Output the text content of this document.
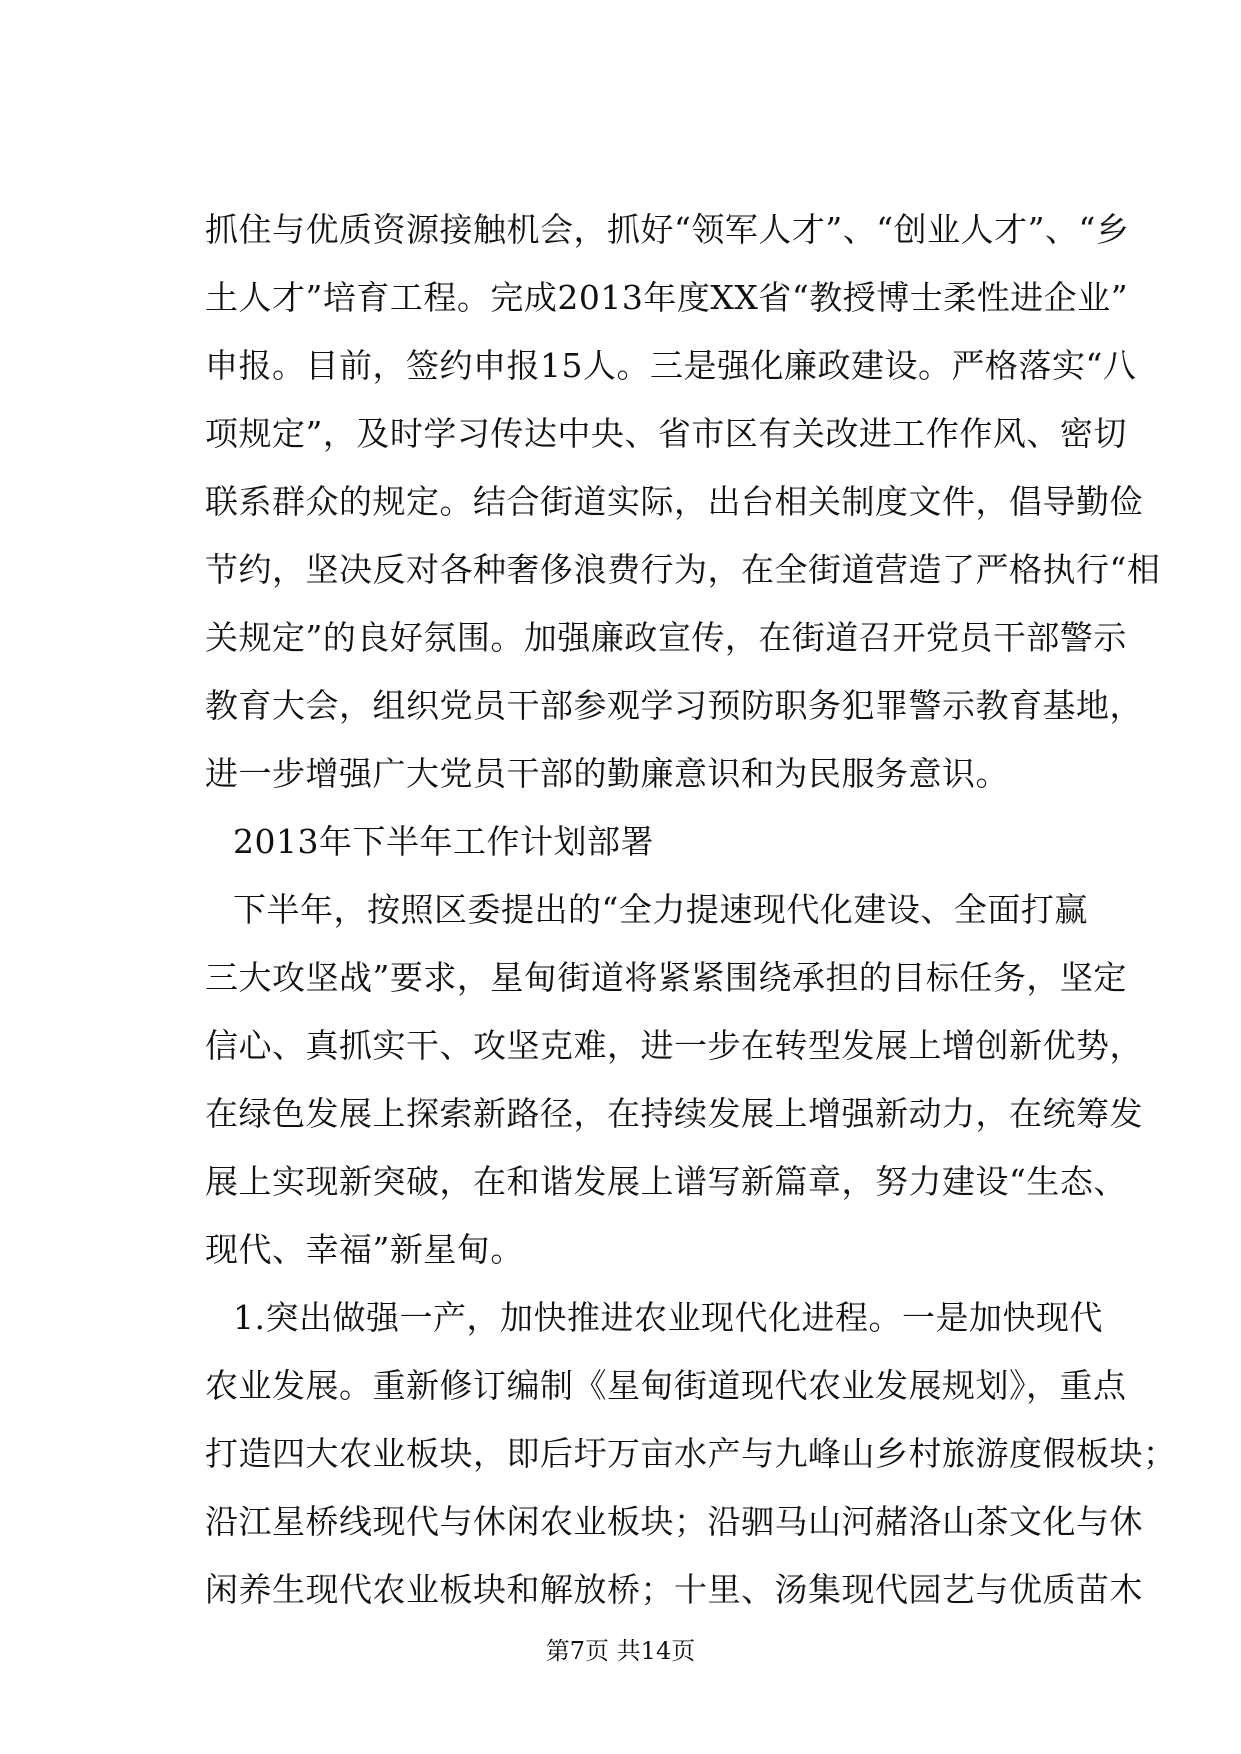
抓住与优质资源接触机会，抓好“领军人才”、“创业人才”、“乡
土人才”培育工程。完成2013年度XX省“教授博士柔性进企业”
申报。目前，签约申报15人。三是强化廉政建设。严格落实“八
项规定”，及时学习传达中央、省市区有关改进工作作风、密切
联系群众的规定。结合街道实际，出台相关制度文件，倡导勤俭
节约，坚决反对各种奢侈浪费行为，在全街道营造了严格执行“相
关规定”的良好氛围。加强廉政宣传，在街道召开党员干部警示
教育大会，组织党员干部参观学习预防职务犯罪警示教育基地，
进一步增强广大党员干部的勤廉意识和为民服务意识。
2013年下半年工作计划部署
下半年，按照区委提出的“全力提速现代化建设、全面打赢
三大攻坚战”要求，星甸街道将紧紧围绕承担的目标任务，坚定
信心、真抓实干、攻坚克难，进一步在转型发展上增创新优势，
在绿色发展上探索新路径，在持续发展上增强新动力，在统筹发
展上实现新突破，在和谐发展上谱写新篇章，努力建设“生态、
现代、幸福”新星甸。
1.突出做强一产，加快推进农业现代化进程。一是加快现代
农业发展。重新修订编制《星甸街道现代农业发展规划》，重点
打造四大农业板块，即后圩万亩水产与九峰山乡村旅游度假板块；
沿江星桥线现代与休闲农业板块；沿驷马山河赭洛山茶文化与休
闲养生现代农业板块和解放桥；十里、汤集现代园艺与优质苗木
第7页 共14页
